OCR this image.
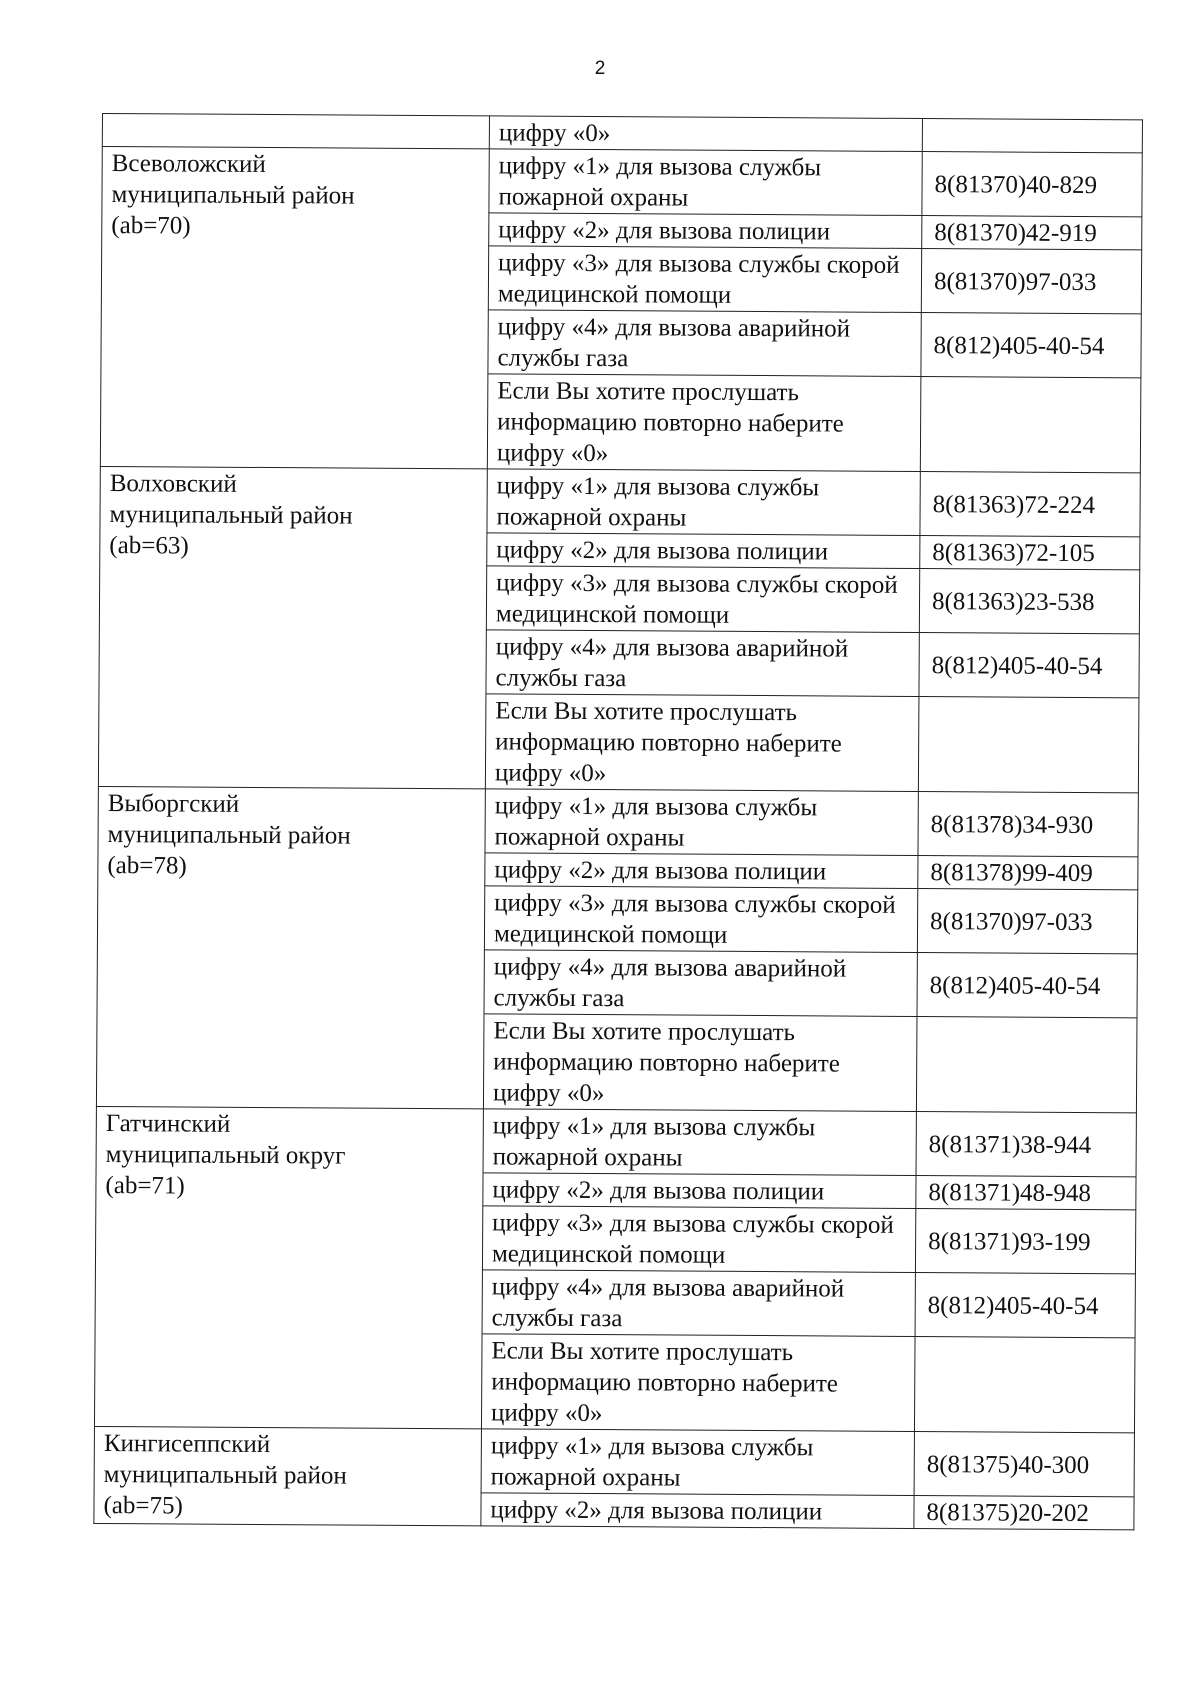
2
	цифру «0»	

Всеволожский
муниципальный район
(ab=70)	цифру «1» для вызова службы пожарной охраны	8(81370)40-829
	цифру «2» для вызова полиции	8(81370)42-919
	цифру «3» для вызова службы скорой медицинской помощи	8(81370)97-033
	цифру «4» для вызова аварийной службы газа	8(812)405-40-54
	Если Вы хотите прослушать информацию повторно наберите цифру «0»	

Волховский
муниципальный район
(ab=63)	цифру «1» для вызова службы пожарной охраны	8(81363)72-224
	цифру «2» для вызова полиции	8(81363)72-105
	цифру «3» для вызова службы скорой медицинской помощи	8(81363)23-538
	цифру «4» для вызова аварийной службы газа	8(812)405-40-54
	Если Вы хотите прослушать информацию повторно наберите цифру «0»	

Выборгский
муниципальный район
(ab=78)	цифру «1» для вызова службы пожарной охраны	8(81378)34-930
	цифру «2» для вызова полиции	8(81378)99-409
	цифру «3» для вызова службы скорой медицинской помощи	8(81370)97-033
	цифру «4» для вызова аварийной службы газа	8(812)405-40-54
	Если Вы хотите прослушать информацию повторно наберите цифру «0»	

Гатчинский
муниципальный округ
(ab=71)	цифру «1» для вызова службы пожарной охраны	8(81371)38-944
	цифру «2» для вызова полиции	8(81371)48-948
	цифру «3» для вызова службы скорой медицинской помощи	8(81371)93-199
	цифру «4» для вызова аварийной службы газа	8(812)405-40-54
	Если Вы хотите прослушать информацию повторно наберите цифру «0»	

Кингисеппский
муниципальный район
(ab=75)	цифру «1» для вызова службы пожарной охраны	8(81375)40-300
	цифру «2» для вызова полиции	8(81375)20-202
